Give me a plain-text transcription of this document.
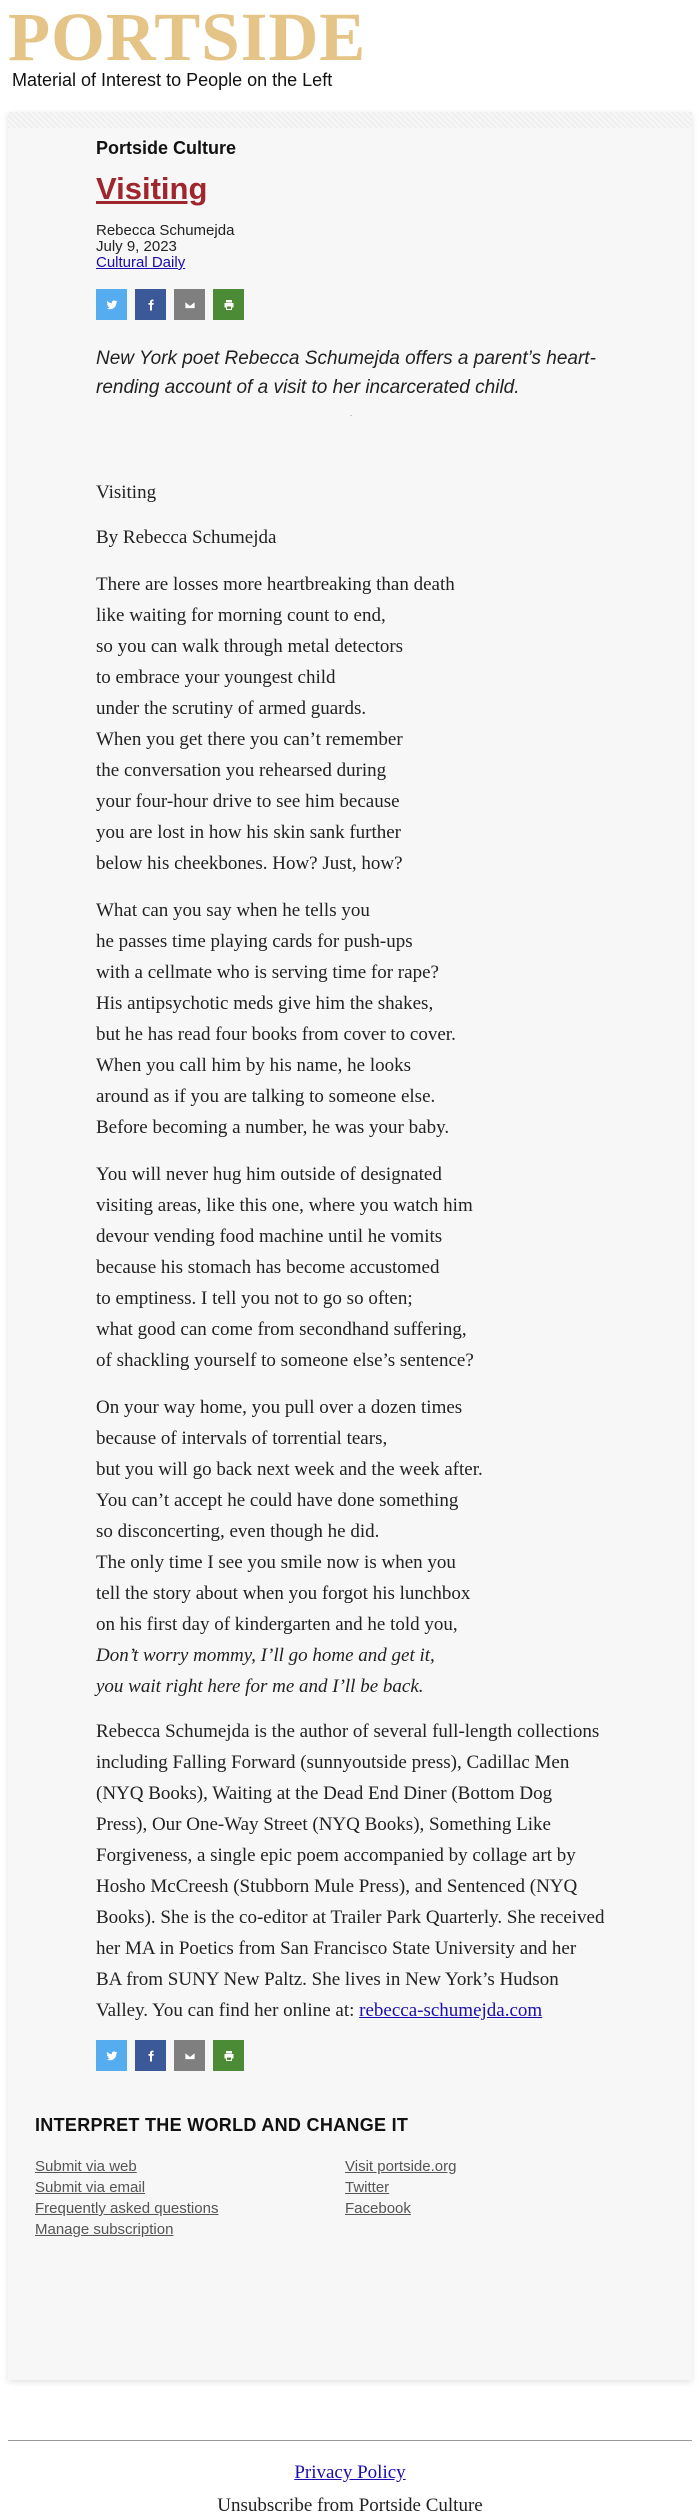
PORTSIDE

Material of Interest to People on the Left

Portside Culture
Visiting
Rebecca Schumejda
July 9, 2023
Cultural Daily

New York poet Rebecca Schumejda offers a parent’s heart-rending account of a visit to her incarcerated child.

.

Visiting

By Rebecca Schumejda

There are losses more heartbreaking than death
like waiting for morning count to end,
so you can walk through metal detectors
to embrace your youngest child
under the scrutiny of armed guards.
When you get there you can’t remember
the conversation you rehearsed during
your four-hour drive to see him because
you are lost in how his skin sank further
below his cheekbones. How? Just, how?

What can you say when he tells you
he passes time playing cards for push-ups
with a cellmate who is serving time for rape?
His antipsychotic meds give him the shakes,
but he has read four books from cover to cover.
When you call him by his name, he looks
around as if you are talking to someone else.
Before becoming a number, he was your baby.

You will never hug him outside of designated
visiting areas, like this one, where you watch him
devour vending food machine until he vomits
because his stomach has become accustomed
to emptiness. I tell you not to go so often;
what good can come from secondhand suffering,
of shackling yourself to someone else’s sentence?

On your way home, you pull over a dozen times
because of intervals of torrential tears,
but you will go back next week and the week after.
You can’t accept he could have done something
so disconcerting, even though he did.
The only time I see you smile now is when you
tell the story about when you forgot his lunchbox
on his first day of kindergarten and he told you,
Don’t worry mommy, I’ll go home and get it,
you wait right here for me and I’ll be back.

Rebecca Schumejda is the author of several full-length collections including Falling Forward (sunnyoutside press), Cadillac Men (NYQ Books), Waiting at the Dead End Diner (Bottom Dog Press), Our One-Way Street (NYQ Books), Something Like Forgiveness, a single epic poem accompanied by collage art by Hosho McCreesh (Stubborn Mule Press), and Sentenced (NYQ Books). She is the co-editor at Trailer Park Quarterly. She received her MA in Poetics from San Francisco State University and her BA from SUNY New Paltz. She lives in New York’s Hudson Valley. You can find her online at: rebecca-schumejda.com

INTERPRET THE WORLD AND CHANGE IT
Submit via web
Submit via email
Frequently asked questions
Manage subscription
Visit portside.org
Twitter
Facebook
Privacy Policy
Unsubscribe from Portside Culture
